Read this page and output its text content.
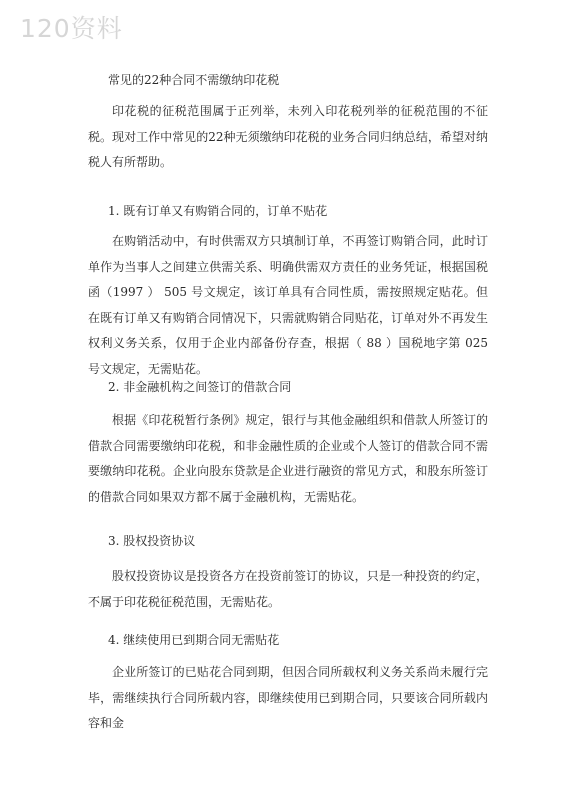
120资料
常见的22种合同不需缴纳印花税

印花税的征税范围属于正列举，未列入印花税列举的征税范围的不征税。现对工作中常见的22种无须缴纳印花税的业务合同归纳总结，希望对纳税人有所帮助。

1. 既有订单又有购销合同的，订单不贴花

在购销活动中，有时供需双方只填制订单，不再签订购销合同，此时订单作为当事人之间建立供需关系、明确供需双方责任的业务凭证，根据国税函（1997 ） 505 号文规定，该订单具有合同性质，需按照规定贴花。但在既有订单又有购销合同情况下，只需就购销合同贴花，订单对外不再发生权利义务关系，仅用于企业内部备份存查，根据（ 88 ）国税地字第 025 号文规定，无需贴花。

2. 非金融机构之间签订的借款合同

根据《印花税暂行条例》规定，银行与其他金融组织和借款人所签订的借款合同需要缴纳印花税，和非金融性质的企业或个人签订的借款合同不需要缴纳印花税。企业向股东贷款是企业进行融资的常见方式，和股东所签订的借款合同如果双方都不属于金融机构，无需贴花。

3. 股权投资协议

股权投资协议是投资各方在投资前签订的协议，只是一种投资的约定，不属于印花税征税范围，无需贴花。

4. 继续使用已到期合同无需贴花

企业所签订的已贴花合同到期，但因合同所载权利义务关系尚未履行完毕，需继续执行合同所载内容，即继续使用已到期合同，只要该合同所载内容和金
